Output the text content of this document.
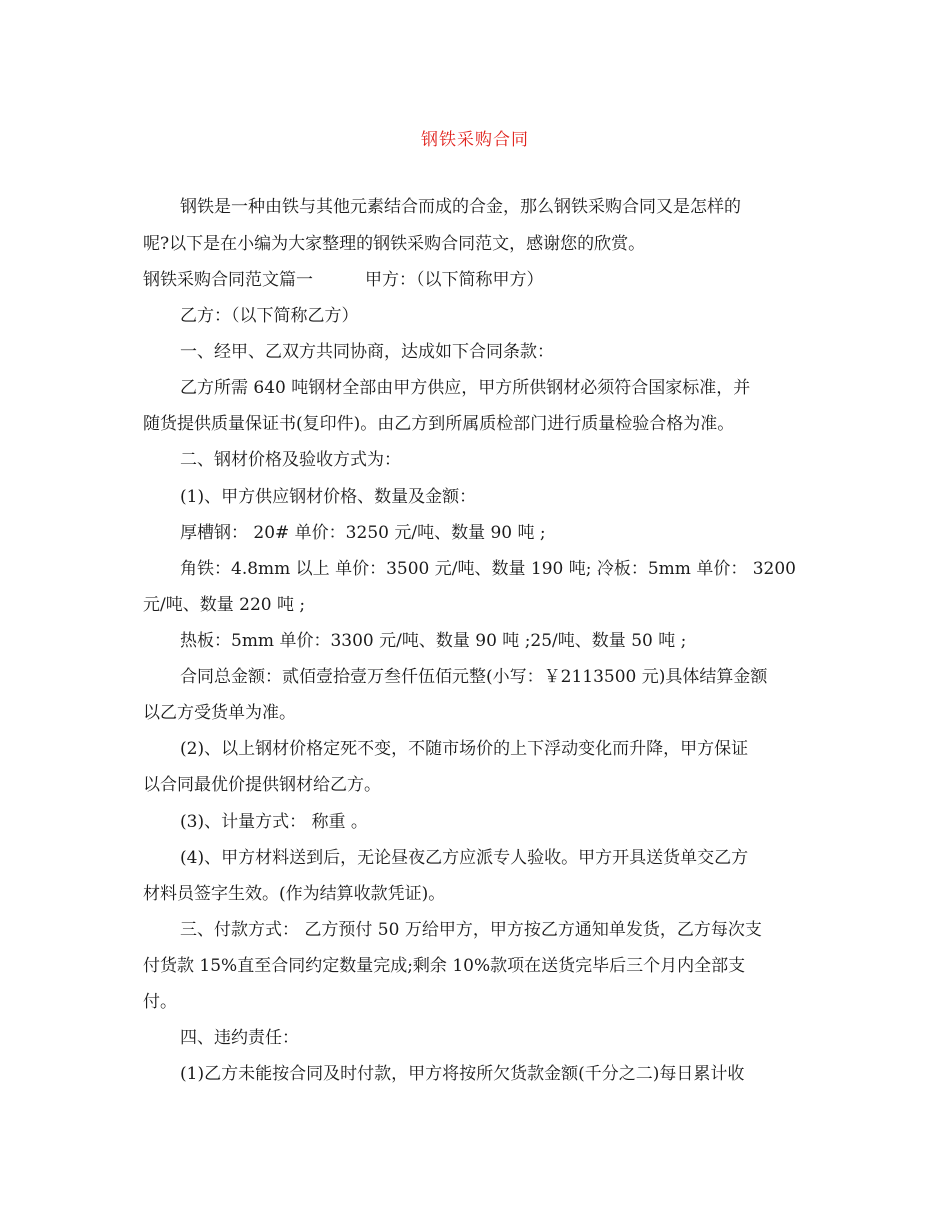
钢铁采购合同
钢铁是一种由铁与其他元素结合而成的合金，那么钢铁采购合同又是怎样的
呢?以下是在小编为大家整理的钢铁采购合同范文，感谢您的欣赏。
钢铁采购合同范文篇一	甲方：（以下简称甲方）
乙方：（以下简称乙方）
一、经甲、乙双方共同协商，达成如下合同条款：
乙方所需 640 吨钢材全部由甲方供应，甲方所供钢材必须符合国家标准，并
随货提供质量保证书(复印件)。由乙方到所属质检部门进行质量检验合格为准。
二、钢材价格及验收方式为：
(1)、甲方供应钢材价格、数量及金额：
厚槽钢： 20# 单价：3250 元/吨、数量 90 吨 ;
角铁：4.8mm 以上 单价：3500 元/吨、数量 190 吨; 冷板：5mm 单价： 3200
元/吨、数量 220 吨 ;
热板：5mm 单价：3300 元/吨、数量 90 吨 ;25/吨、数量 50 吨 ;
合同总金额：贰佰壹拾壹万叁仟伍佰元整(小写：￥2113500 元)具体结算金额
以乙方受货单为准。
(2)、以上钢材价格定死不变，不随市场价的上下浮动变化而升降，甲方保证
以合同最优价提供钢材给乙方。
(3)、计量方式： 称重 。
(4)、甲方材料送到后，无论昼夜乙方应派专人验收。甲方开具送货单交乙方
材料员签字生效。(作为结算收款凭证)。
三、付款方式： 乙方预付 50 万给甲方，甲方按乙方通知单发货，乙方每次支
付货款 15%直至合同约定数量完成;剩余 10%款项在送货完毕后三个月内全部支
付。
四、违约责任：
(1)乙方未能按合同及时付款，甲方将按所欠货款金额(千分之二)每日累计收
